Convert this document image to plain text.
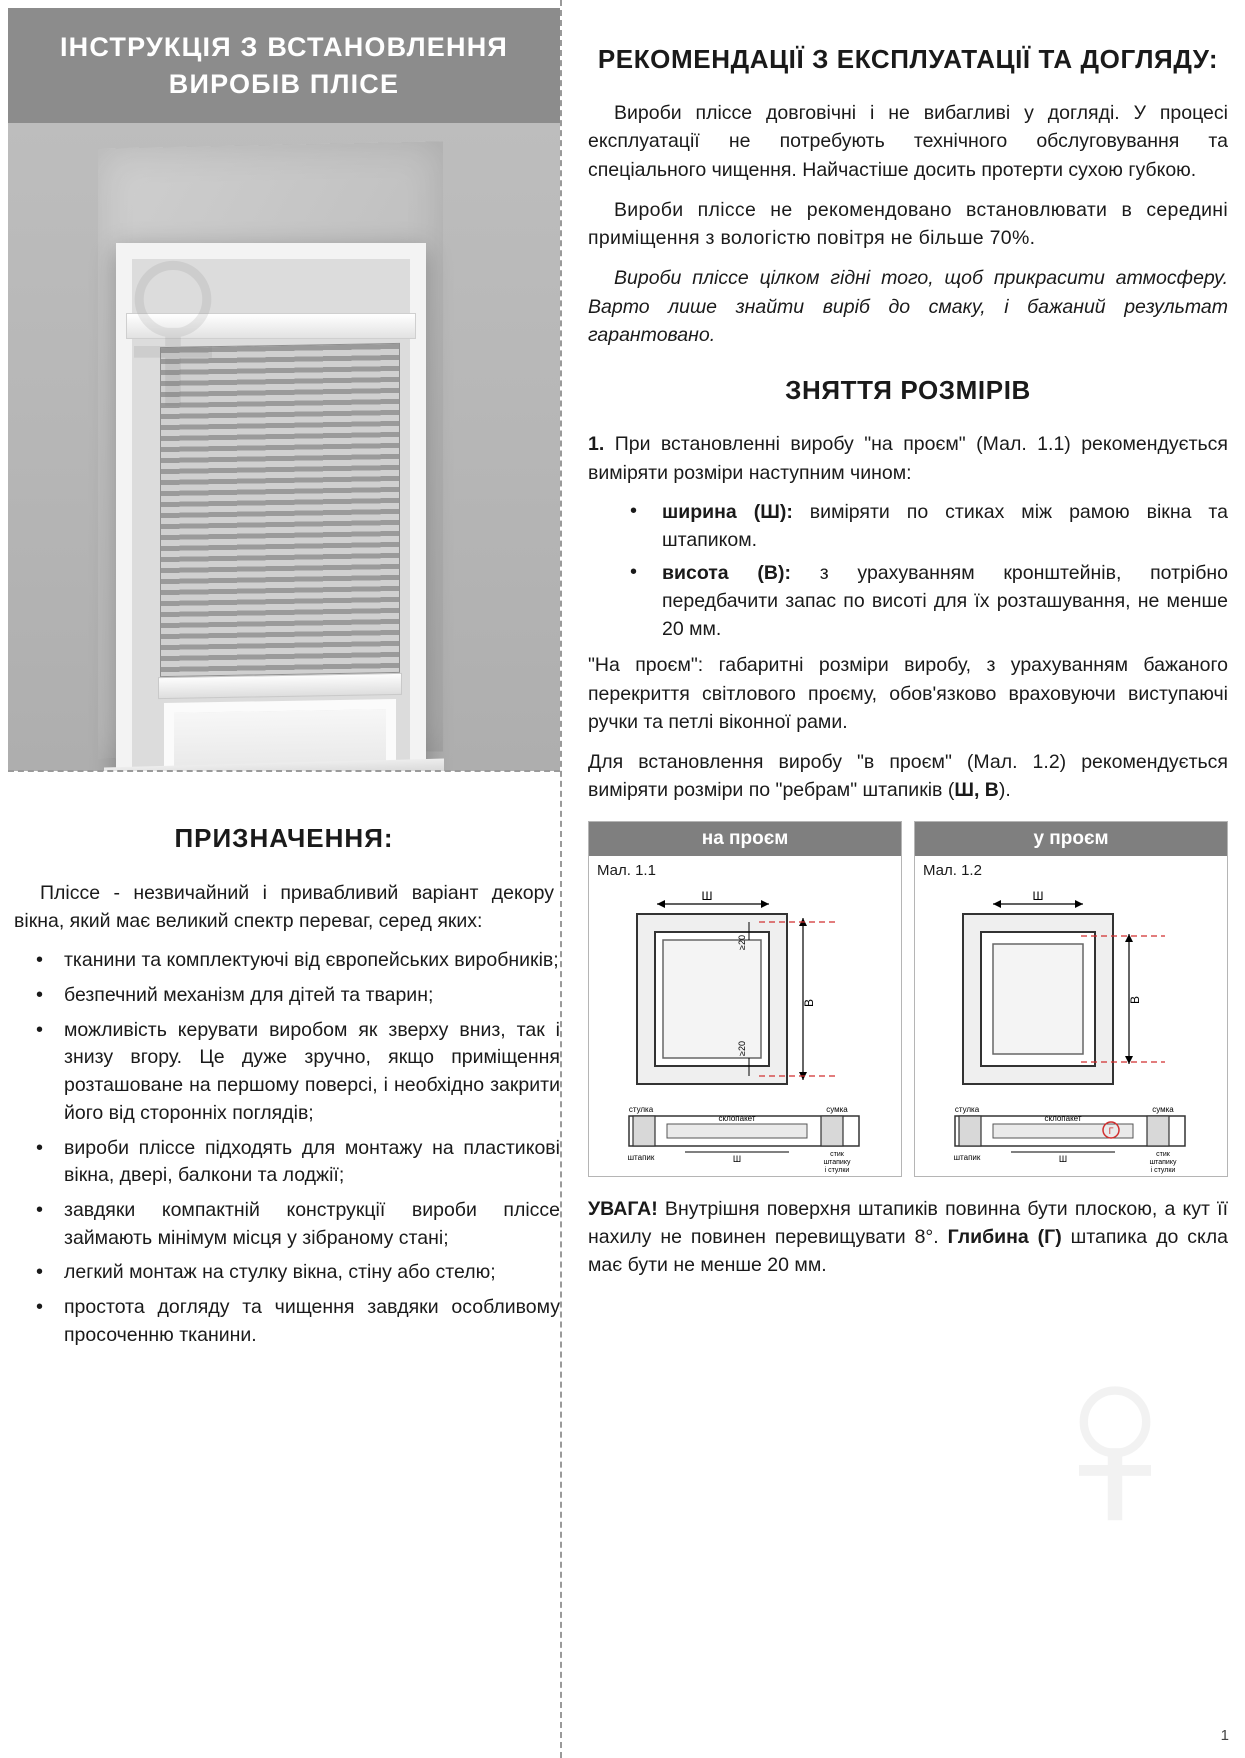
ІНСТРУКЦІЯ З ВСТАНОВЛЕННЯ ВИРОБІВ ПЛІСЕ
ПРИЗНАЧЕННЯ:

Пліссе - незвичайний і привабливий варіант декору вікна, який має великий спектр переваг, серед яких:

• тканини та комплектуючі від європейських виробників;
• безпечний механізм для дітей та тварин;
• можливість керувати виробом як зверху вниз, так і знизу вгору. Це дуже зручно, якщо приміщення розташоване на першому поверсі, і необхідно закрити його від сторонніх поглядів;
• вироби пліссе підходять для монтажу на пластикові вікна, двері, балкони та лоджії;
• завдяки компактній конструкції вироби пліссе займають мінімум місця у зібраному стані;
• легкий монтаж на стулку вікна, стіну або стелю;
• простота догляду та чищення завдяки особливому просоченню тканини.
РЕКОМЕНДАЦІЇ З ЕКСПЛУАТАЦІЇ ТА ДОГЛЯДУ:

Вироби пліссе довговічні і не вибагливі у догляді. У процесі експлуатації не потребують технічного обслуговування та спеціального чищення. Найчастіше досить протерти сухою губкою.

Вироби пліссе не рекомендовано встановлювати в середині приміщення з вологістю повітря не більше 70%.

Вироби пліссе цілком гідні того, щоб прикрасити атмосферу. Варто лише знайти виріб до смаку, і бажаний результат гарантовано.

ЗНЯТТЯ РОЗМІРІВ

1. При встановленні виробу "на проєм" (Мал. 1.1) рекомендується виміряти розміри наступним чином:

• ширина (Ш): виміряти по стиках між рамою вікна та штапиком.
• висота (В): з урахуванням кронштейнів, потрібно передбачити запас по висоті для їх розташування, не менше 20 мм.

"На проєм": габаритні розміри виробу, з урахуванням бажаного перекриття світлового проєму, обов'язково враховуючи виступаючі ручки та петлі віконної рами.

Для встановлення виробу "в проєм" (Мал. 1.2) рекомендується виміряти розміри по "ребрам" штапиків (Ш, В).

на проєм
Мал. 1.1
Ш
В
≥20
≥20
стулка
склопакет
сумка
штапик	Ш	стик
штапику
і стулки
у проєм
Мал. 1.2
Ш
В
Г
стулка
склопакет
сумка
штапик	Ш	стик
штапику
і стулки

УВАГА! Внутрішня поверхня штапиків повинна бути плоскою, а кут її нахилу не повинен перевищувати 8°. Глибина (Г) штапика до скла має бути не менше 20 мм.

1
